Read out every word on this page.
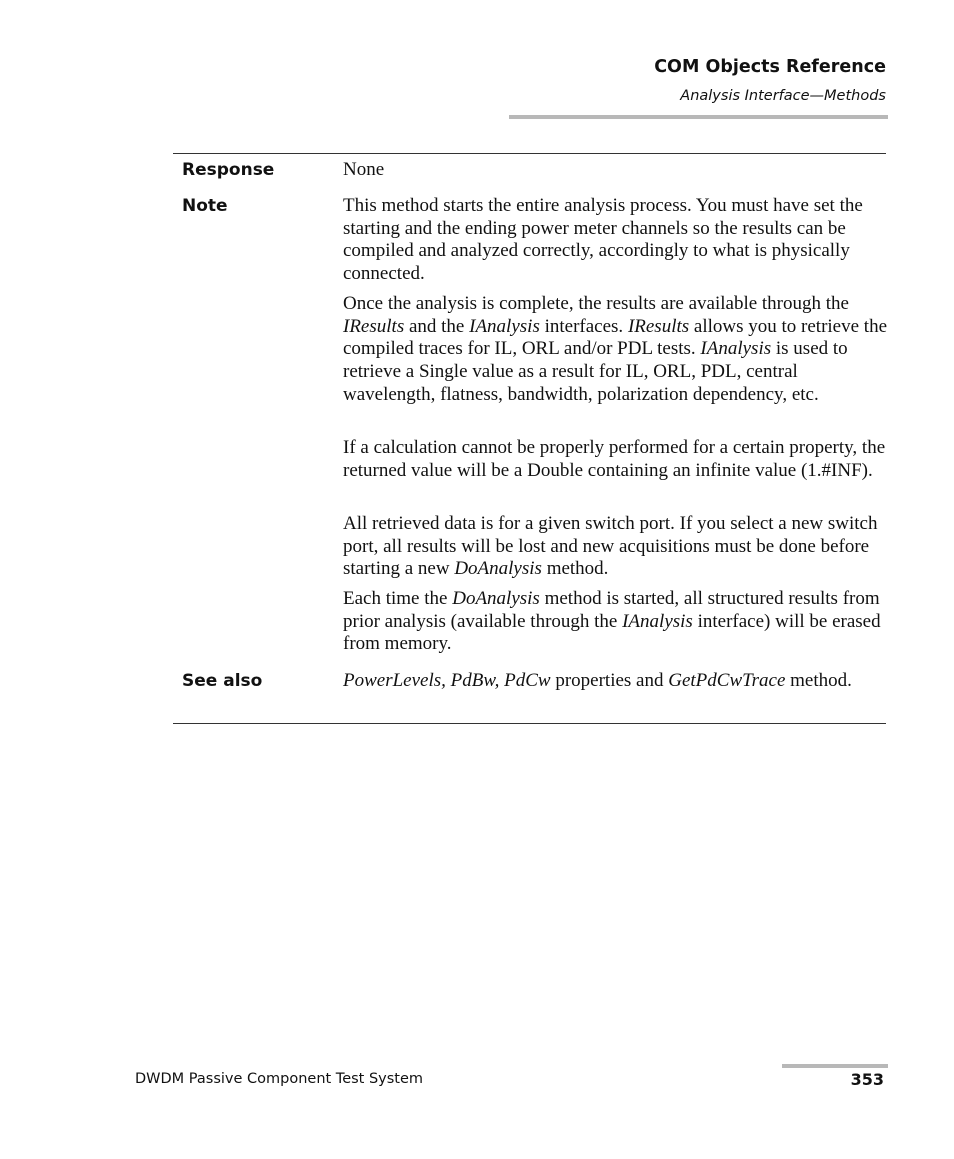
COM Objects Reference
Analysis Interface—Methods
Response	None

Note	This method starts the entire analysis process. You must have set the starting and the ending power meter channels so the results can be compiled and analyzed correctly, accordingly to what is physically connected.

Once the analysis is complete, the results are available through the IResults and the IAnalysis interfaces. IResults allows you to retrieve the compiled traces for IL, ORL and/or PDL tests. IAnalysis is used to retrieve a Single value as a result for IL, ORL, PDL, central wavelength, flatness, bandwidth, polarization dependency, etc.

If a calculation cannot be properly performed for a certain property, the returned value will be a Double containing an infinite value (1.#INF).

All retrieved data is for a given switch port. If you select a new switch port, all results will be lost and new acquisitions must be done before starting a new DoAnalysis method.

Each time the DoAnalysis method is started, all structured results from prior analysis (available through the IAnalysis interface) will be erased from memory.

See also	PowerLevels, PdBw, PdCw properties and GetPdCwTrace method.

DWDM Passive Component Test System	353
